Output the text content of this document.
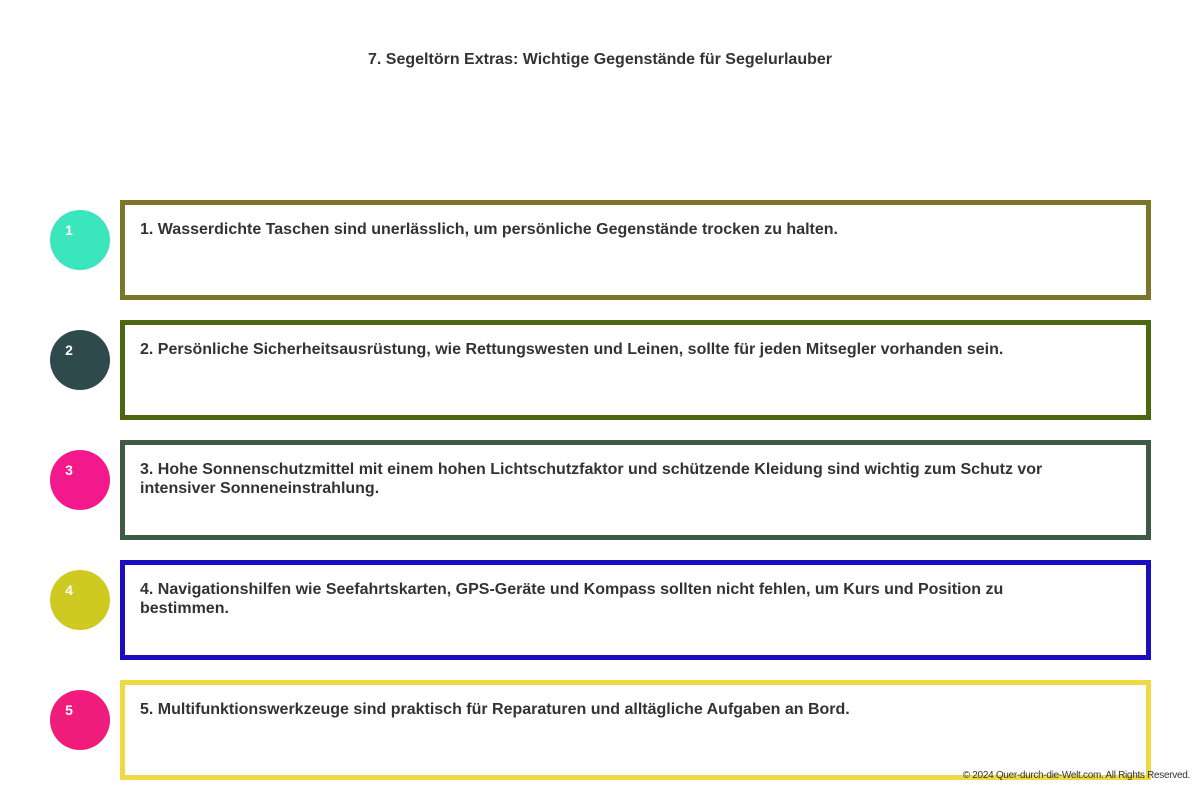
7. Segeltörn Extras: Wichtige Gegenstände für Segelurlauber
1	1. Wasserdichte Taschen sind unerlässlich, um persönliche Gegenstände trocken zu halten.
2	2. Persönliche Sicherheitsausrüstung, wie Rettungswesten und Leinen, sollte für jeden Mitsegler vorhanden sein.
3	3. Hohe Sonnenschutzmittel mit einem hohen Lichtschutzfaktor und schützende Kleidung sind wichtig zum Schutz vor intensiver Sonneneinstrahlung.
4	4. Navigationshilfen wie Seefahrtskarten, GPS-Geräte und Kompass sollten nicht fehlen, um Kurs und Position zu bestimmen.
5	5. Multifunktionswerkzeuge sind praktisch für Reparaturen und alltägliche Aufgaben an Bord.
© 2024 Quer-durch-die-Welt.com. All Rights Reserved.
